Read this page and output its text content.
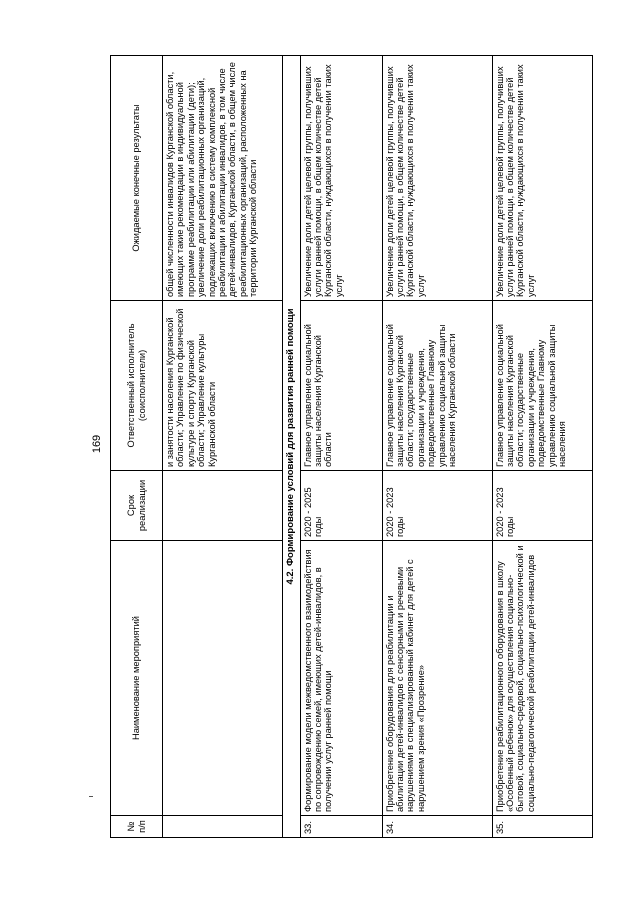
169
№ п/п	Наименование мероприятий	Срок реализации	Ответственный исполнитель (соисполнители)	Ожидаемые конечные результаты
			и занятости населения Курганской области; Управление по физической культуре и спорту Курганской области; Управление культуры Курганской области	общей численности инвалидов Курганской области, имеющих такие рекомендации в индивидуальной программе реабилитации или абилитации (дети); увеличение доли реабилитационных организаций, подлежащих включению в систему комплексной реабилитации и абилитации инвалидов, в том числе детей-инвалидов, Курганской области, в общем числе реабилитационных организаций, расположенных на территории Курганской области
4.2. Формирование условий для развития ранней помощи				
33.	Формирование модели межведомственного взаимодействия по сопровождению семей, имеющих детей-инвалидов, в получении услуг ранней помощи	2020 - 2025 годы	Главное управление социальной защиты населения Курганской области	Увеличение доли детей целевой группы, получивших услуги ранней помощи, в общем количестве детей Курганской области, нуждающихся в получении таких услуг
34.	Приобретение оборудования для реабилитации и абилитации детей-инвалидов с сенсорными и речевыми нарушениями в специализированный кабинет для детей с нарушением зрения «Прозрение»	2020 - 2023 годы	Главное управление социальной защиты населения Курганской области; государственные организации и учреждения, подведомственные Главному управлению социальной защиты населения Курганской области	Увеличение доли детей целевой группы, получивших услуги ранней помощи, в общем количестве детей Курганской области, нуждающихся в получении таких услуг
35.	Приобретение реабилитационного оборудования в школу «Особенный ребенок» для осуществления социально-бытовой, социально-средовой, социально-психологической и социально-педагогической реабилитации детей-инвалидов	2020 - 2023 годы	Главное управление социальной защиты населения Курганской области; государственные организации и учреждения, подведомственные Главному управлению социальной защиты населения	Увеличение доли детей целевой группы, получивших услуги ранней помощи, в общем количестве детей Курганской области, нуждающихся в получении таких услуг
